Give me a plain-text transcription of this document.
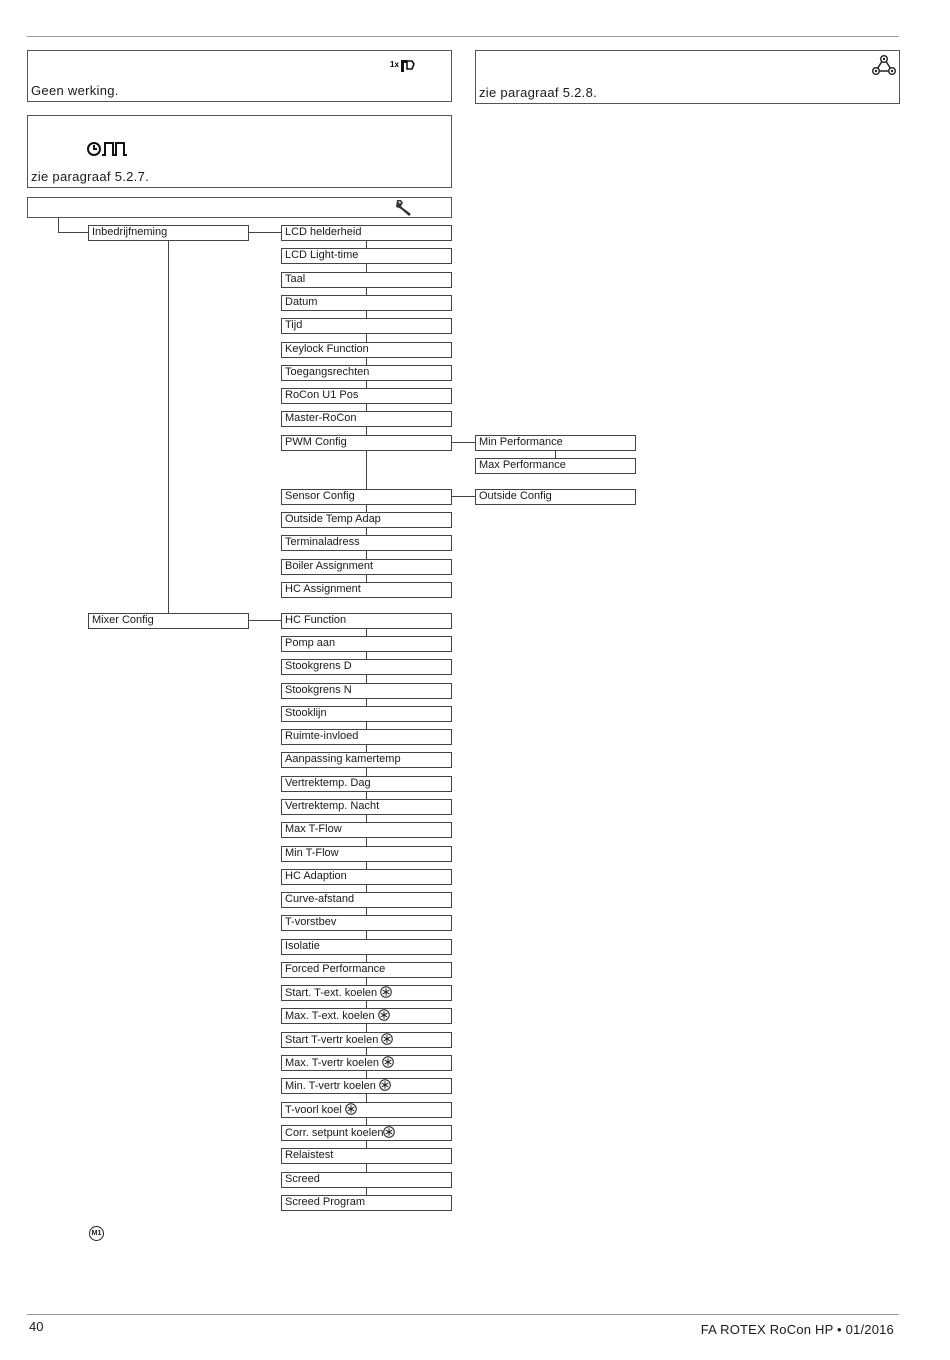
1x
Geen werking.	zie paragraaf 5.2.8.
zie paragraaf 5.2.7.
Inbedrijfneming
Mixer Config
LCD helderheid
LCD Light-time
Taal
Datum
Tijd
Keylock Function
Toegangsrechten
RoCon U1 Pos
Master-RoCon
PWM Config
Sensor Config
Outside Temp Adap
Terminaladress
Boiler Assignment
HC Assignment
Min Performance
Max Performance
Outside Config
HC Function
Pomp aan
Stookgrens D
Stookgrens N
Stooklijn
Ruimte-invloed
Aanpassing kamertemp
Vertrektemp. Dag
Vertrektemp. Nacht
Max T-Flow
Min T-Flow
HC Adaption
Curve-afstand
T-vorstbev
Isolatie
Forced Performance
Start. T-ext. koelen
Max. T-ext. koelen
Start T-vertr koelen
Max. T-vertr koelen
Min. T-vertr koelen
T-voorl koel
Corr. setpunt koelen
Relaistest
Screed
Screed Program
M1
40	FA ROTEX RoCon HP • 01/2016
